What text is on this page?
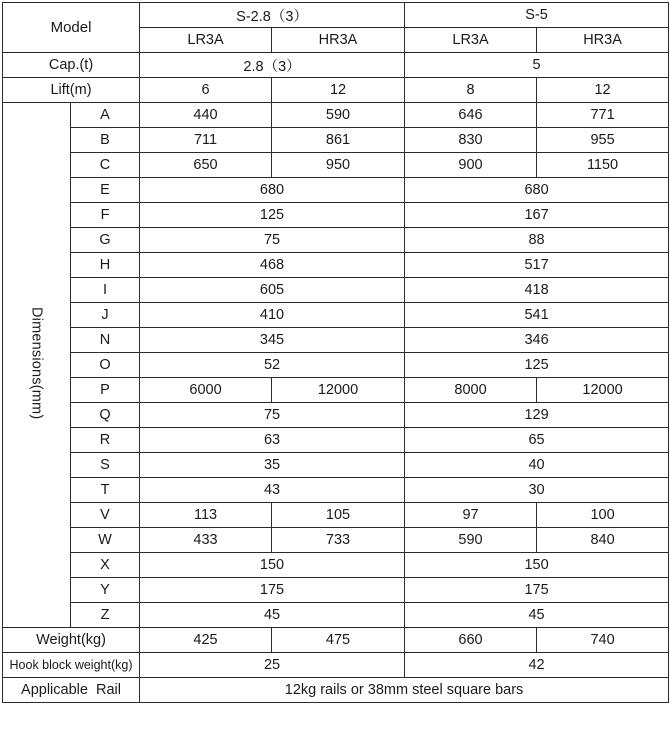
Model		S-2.8（3）		S-5	
		LR3A	HR3A	LR3A	HR3A
Cap.(t)		2.8（3）		5	
Lift(m)		6	12	8	12
Dimensions(mm)	A	440	590	646	771
	B	711	861	830	955
	C	650	950	900	1150
	E	680		680	
	F	125		167	
	G	75		88	
	H	468		517	
	I	605		418	
	J	410		541	
	N	345		346	
	O	52		125	
	P	6000	12000	8000	12000
	Q	75		129	
	R	63		65	
	S	35		40	
	T	43		30	
	V	113	105	97	100
	W	433	733	590	840
	X	150		150	
	Y	175		175	
	Z	45		45	
Weight(kg)		425	475	660	740
Hook block weight(kg)		25		42	
Applicable  Rail		12kg rails or 38mm steel square bars			
